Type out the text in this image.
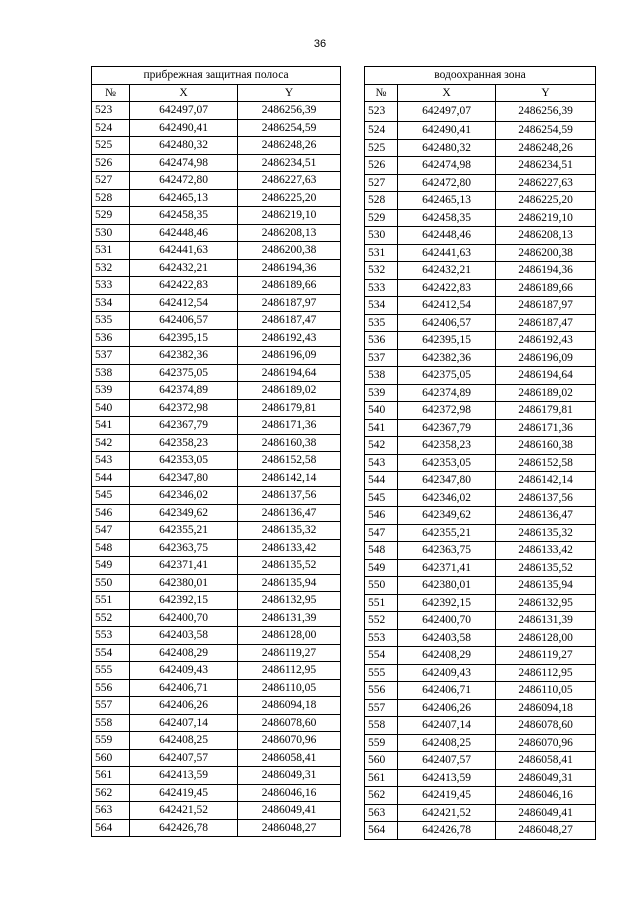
36
прибрежная защитная полоса		
№	X	Y
523	642497,07	2486256,39
524	642490,41	2486254,59
525	642480,32	2486248,26
526	642474,98	2486234,51
527	642472,80	2486227,63
528	642465,13	2486225,20
529	642458,35	2486219,10
530	642448,46	2486208,13
531	642441,63	2486200,38
532	642432,21	2486194,36
533	642422,83	2486189,66
534	642412,54	2486187,97
535	642406,57	2486187,47
536	642395,15	2486192,43
537	642382,36	2486196,09
538	642375,05	2486194,64
539	642374,89	2486189,02
540	642372,98	2486179,81
541	642367,79	2486171,36
542	642358,23	2486160,38
543	642353,05	2486152,58
544	642347,80	2486142,14
545	642346,02	2486137,56
546	642349,62	2486136,47
547	642355,21	2486135,32
548	642363,75	2486133,42
549	642371,41	2486135,52
550	642380,01	2486135,94
551	642392,15	2486132,95
552	642400,70	2486131,39
553	642403,58	2486128,00
554	642408,29	2486119,27
555	642409,43	2486112,95
556	642406,71	2486110,05
557	642406,26	2486094,18
558	642407,14	2486078,60
559	642408,25	2486070,96
560	642407,57	2486058,41
561	642413,59	2486049,31
562	642419,45	2486046,16
563	642421,52	2486049,41
564	642426,78	2486048,27
водоохранная зона		
№	X	Y
523	642497,07	2486256,39
524	642490,41	2486254,59
525	642480,32	2486248,26
526	642474,98	2486234,51
527	642472,80	2486227,63
528	642465,13	2486225,20
529	642458,35	2486219,10
530	642448,46	2486208,13
531	642441,63	2486200,38
532	642432,21	2486194,36
533	642422,83	2486189,66
534	642412,54	2486187,97
535	642406,57	2486187,47
536	642395,15	2486192,43
537	642382,36	2486196,09
538	642375,05	2486194,64
539	642374,89	2486189,02
540	642372,98	2486179,81
541	642367,79	2486171,36
542	642358,23	2486160,38
543	642353,05	2486152,58
544	642347,80	2486142,14
545	642346,02	2486137,56
546	642349,62	2486136,47
547	642355,21	2486135,32
548	642363,75	2486133,42
549	642371,41	2486135,52
550	642380,01	2486135,94
551	642392,15	2486132,95
552	642400,70	2486131,39
553	642403,58	2486128,00
554	642408,29	2486119,27
555	642409,43	2486112,95
556	642406,71	2486110,05
557	642406,26	2486094,18
558	642407,14	2486078,60
559	642408,25	2486070,96
560	642407,57	2486058,41
561	642413,59	2486049,31
562	642419,45	2486046,16
563	642421,52	2486049,41
564	642426,78	2486048,27
